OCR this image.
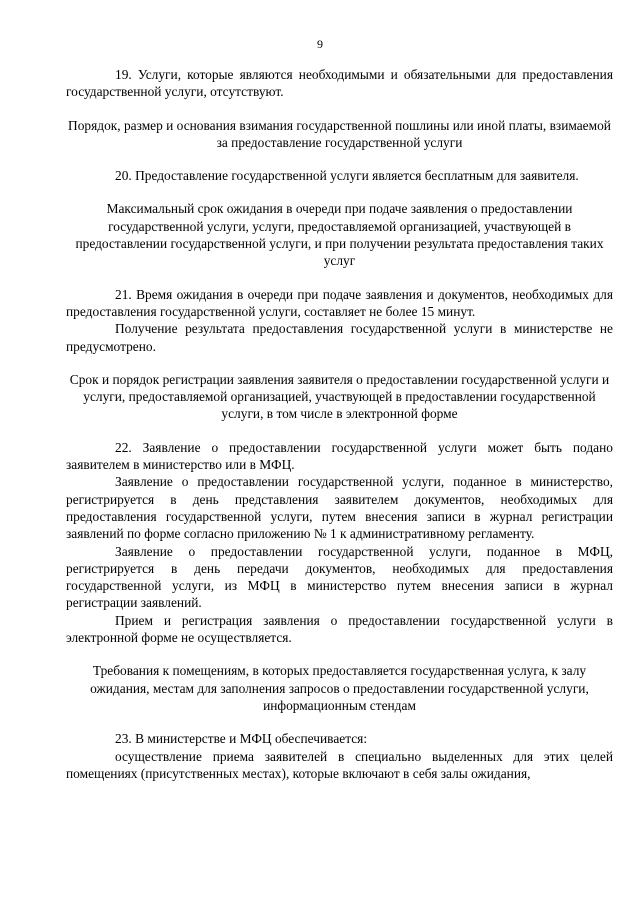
9

19. Услуги, которые являются необходимыми и обязательными для предоставления государственной услуги, отсутствуют.

Порядок, размер и основания взимания государственной пошлины или иной платы, взимаемой за предоставление государственной услуги

20. Предоставление государственной услуги является бесплатным для заявителя.

Максимальный срок ожидания в очереди при подаче заявления о предоставлении государственной услуги, услуги, предоставляемой организацией, участвующей в предоставлении государственной услуги, и при получении результата предоставления таких услуг

21. Время ожидания в очереди при подаче заявления и документов, необходимых для предоставления государственной услуги, составляет не более 15 минут.

Получение результата предоставления государственной услуги в министерстве не предусмотрено.

Срок и порядок регистрации заявления заявителя о предоставлении государственной услуги и услуги, предоставляемой организацией, участвующей в предоставлении государственной услуги, в том числе в электронной форме

22. Заявление о предоставлении государственной услуги может быть подано заявителем в министерство или в МФЦ.

Заявление о предоставлении государственной услуги, поданное в министерство, регистрируется в день представления заявителем документов, необходимых для предоставления государственной услуги, путем внесения записи в журнал регистрации заявлений по форме согласно приложению № 1 к административному регламенту.

Заявление о предоставлении государственной услуги, поданное в МФЦ, регистрируется в день передачи документов, необходимых для предоставления государственной услуги, из МФЦ в министерство путем внесения записи в журнал регистрации заявлений.

Прием и регистрация заявления о предоставлении государственной услуги в электронной форме не осуществляется.

Требования к помещениям, в которых предоставляется государственная услуга, к залу ожидания, местам для заполнения запросов о предоставлении государственной услуги, информационным стендам

23. В министерстве и МФЦ обеспечивается:

осуществление приема заявителей в специально выделенных для этих целей помещениях (присутственных местах), которые включают в себя залы ожидания,
